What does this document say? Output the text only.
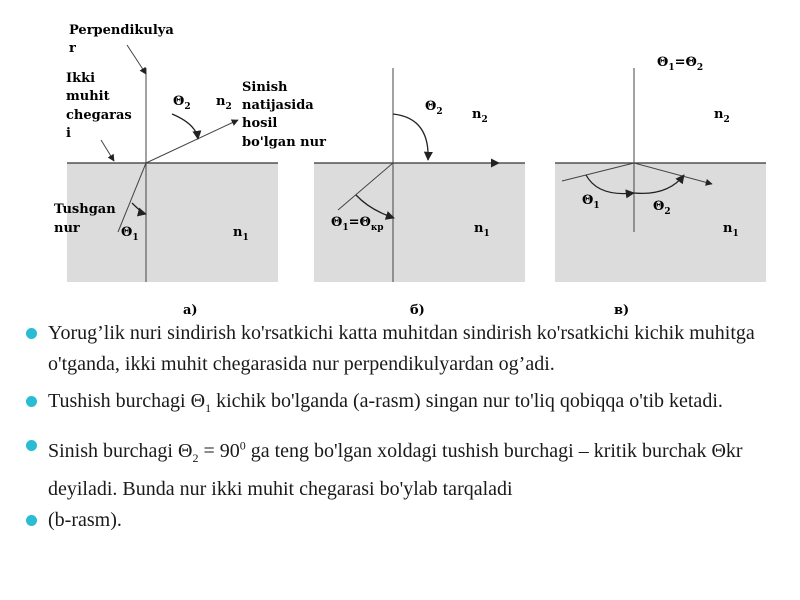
Perpendikulya
r
Ikki
muhit
chegaras
i
Sinish
natijasida
hosil
bo'lgan nur
Tushgan
nur
$\Theta_2$ $n_2$
$\Theta_1$	$n_1$
а)
$\Theta_2$ $n_2$
$\Theta_1=\Theta_{кр}$	$n_1$
б)
$\Theta_1=\Theta_2$
$n_2$
$\Theta_1$	$\Theta_2$
$n_1$
в)
Yorug’lik nuri sindirish ko'rsatkichi katta muhitdan sindirish ko'rsatkichi kichik muhitga o'tganda, ikki muhit chegarasida nur perpendikulyardan og’adi.
Tushish burchagi $\Theta_1$ kichik bo'lganda (a-rasm) singan nur to'liq qobiqqa o'tib ketadi.
Sinish burchagi $\Theta_2 = 90^0$ ga teng bo'lgan xoldagi tushish burchagi – kritik burchak Θkr deyiladi. Bunda nur ikki muhit chegarasi bo'ylab tarqaladi
(b-rasm).
